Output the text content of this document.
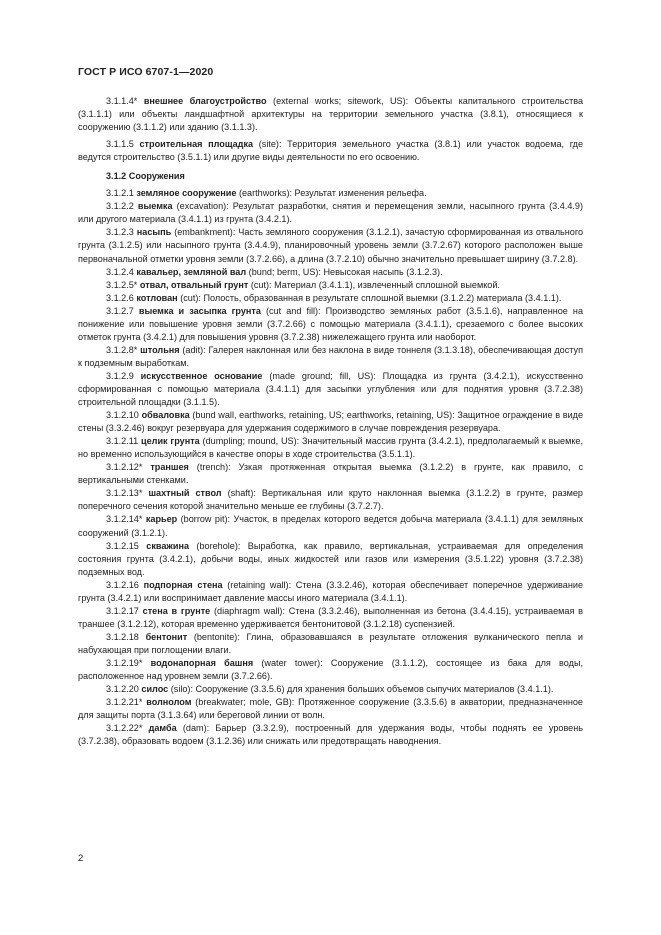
ГОСТ Р ИСО 6707-1—2020

3.1.1.4* внешнее благоустройство (external works; sitework, US): Объекты капитального строительства (3.1.1.1) или объекты ландшафтной архитектуры на территории земельного участка (3.8.1), относящиеся к сооружению (3.1.1.2) или зданию (3.1.1.3).

3.1.1.5 строительная площадка (site): Территория земельного участка (3.8.1) или участок водоема, где ведутся строительство (3.5.1.1) или другие виды деятельности по его освоению.

3.1.2 Сооружения

3.1.2.1 земляное сооружение (earthworks): Результат изменения рельефа.

3.1.2.2 выемка (excavation): Результат разработки, снятия и перемещения земли, насыпного грунта (3.4.4.9) или другого материала (3.4.1.1) из грунта (3.4.2.1).

3.1.2.3 насыпь (embankment): Часть земляного сооружения (3.1.2.1), зачастую сформированная из отвального грунта (3.1.2.5) или насыпного грунта (3.4.4.9), планировочный уровень земли (3.7.2.67) которого расположен выше первоначальной отметки уровня земли (3.7.2.66), а длина (3.7.2.10) обычно значительно превышает ширину (3.7.2.8).

3.1.2.4 кавальер, земляной вал (bund; berm, US): Невысокая насыпь (3.1.2.3).

3.1.2.5* отвал, отвальный грунт (cut): Материал (3.4.1.1), извлеченный сплошной выемкой.

3.1.2.6 котлован (cut): Полость, образованная в результате сплошной выемки (3.1.2.2) материала (3.4.1.1).

3.1.2.7 выемка и засыпка грунта (cut and fill): Производство земляных работ (3.5.1.6), направленное на понижение или повышение уровня земли (3.7.2.66) с помощью материала (3.4.1.1), срезаемого с более высоких отметок грунта (3.4.2.1) для повышения уровня (3.7.2.38) нижележащего грунта или наоборот.

3.1.2.8* штольня (adit): Галерея наклонная или без наклона в виде тоннеля (3.1.3.18), обеспечивающая доступ к подземным выработкам.

3.1.2.9 искусственное основание (made ground; fill, US): Площадка из грунта (3.4.2.1), искусственно сформированная с помощью материала (3.4.1.1) для засыпки углубления или для поднятия уровня (3.7.2.38) строительной площадки (3.1.1.5).

3.1.2.10 обваловка (bund wall, earthworks, retaining, US; earthworks, retaining, US): Защитное ограждение в виде стены (3.3.2.46) вокруг резервуара для удержания содержимого в случае повреждения резервуара.

3.1.2.11 целик грунта (dumpling; mound, US): Значительный массив грунта (3.4.2.1), предполагаемый к выемке, но временно использующийся в качестве опоры в ходе строительства (3.5.1.1).

3.1.2.12* траншея (trench): Узкая протяженная открытая выемка (3.1.2.2) в грунте, как правило, с вертикальными стенками.

3.1.2.13* шахтный ствол (shaft): Вертикальная или круто наклонная выемка (3.1.2.2) в грунте, размер поперечного сечения которой значительно меньше ее глубины (3.7.2.7).

3.1.2.14* карьер (borrow pit): Участок, в пределах которого ведется добыча материала (3.4.1.1) для земляных сооружений (3.1.2.1).

3.1.2.15 скважина (borehole): Выработка, как правило, вертикальная, устраиваемая для определения состояния грунта (3.4.2.1), добычи воды, иных жидкостей или газов или измерения (3.5.1.22) уровня (3.7.2.38) подземных вод.

3.1.2.16 подпорная стена (retaining wall): Стена (3.3.2.46), которая обеспечивает поперечное удерживание грунта (3.4.2.1) или воспринимает давление массы иного материала (3.4.1.1).

3.1.2.17 стена в грунте (diaphragm wall): Стена (3.3.2.46), выполненная из бетона (3.4.4.15), устраиваемая в траншее (3.1.2.12), которая временно удерживается бентонитовой (3.1.2.18) суспензией.

3.1.2.18 бентонит (bentonite): Глина, образовавшаяся в результате отложения вулканического пепла и набухающая при поглощении влаги.

3.1.2.19* водонапорная башня (water tower): Сооружение (3.1.1.2), состоящее из бака для воды, расположенное над уровнем земли (3.7.2.66).

3.1.2.20 силос (silo): Сооружение (3.3.5.6) для хранения больших объемов сыпучих материалов (3.4.1.1).

3.1.2.21* волнолом (breakwater; mole, GB): Протяженное сооружение (3.3.5.6) в акватории, предназначенное для защиты порта (3.1.3.64) или береговой линии от волн.

3.1.2.22* дамба (dam): Барьер (3.3.2.9), построенный для удержания воды, чтобы поднять ее уровень (3.7.2.38), образовать водоем (3.1.2.36) или снижать или предотвращать наводнения.

2
